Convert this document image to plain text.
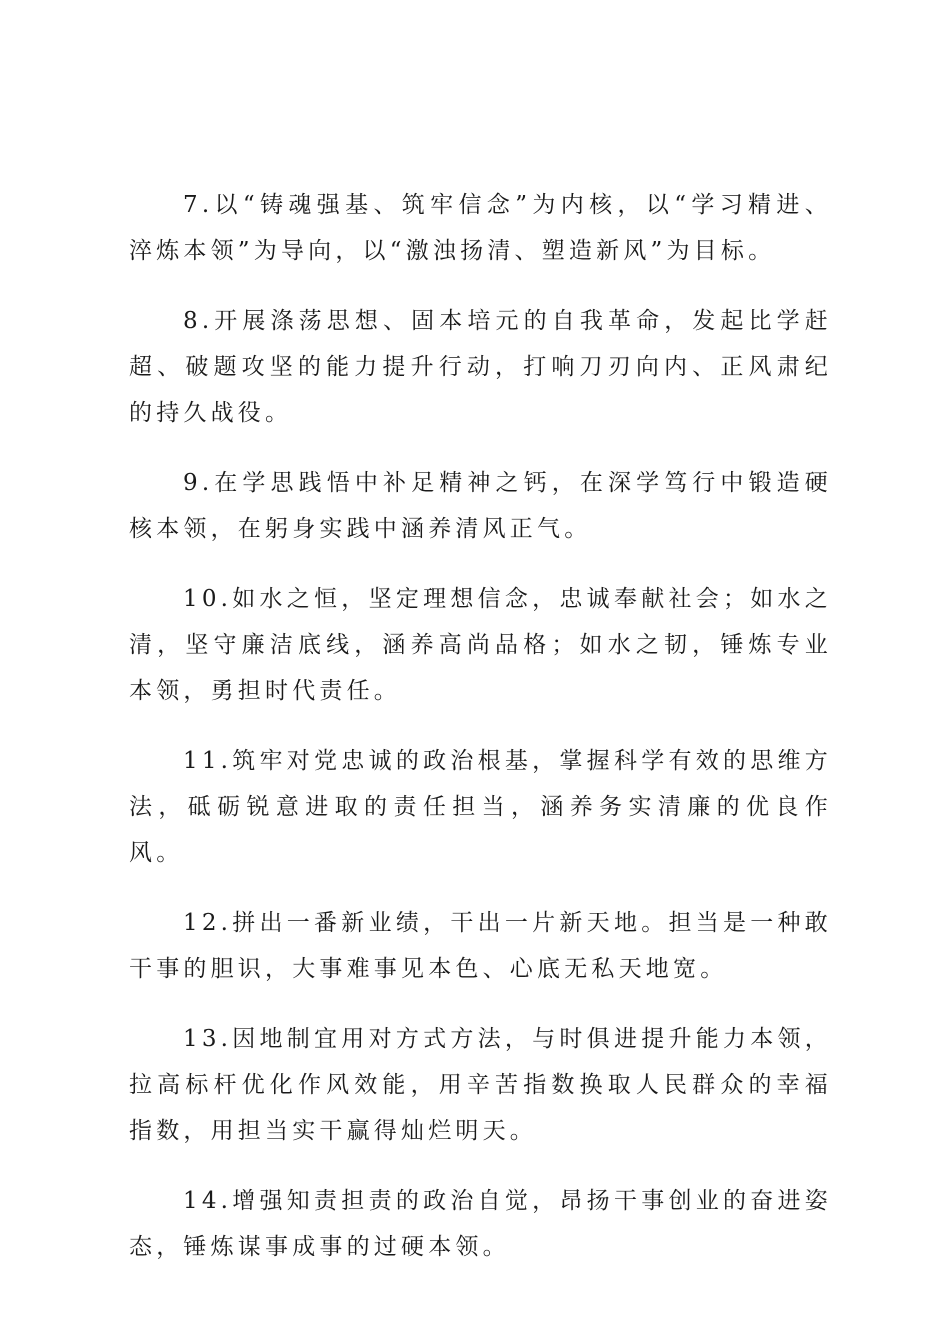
7.以“铸魂强基、筑牢信念”为内核，以“学习精进、淬炼本领”为导向，以“激浊扬清、塑造新风”为目标。

8.开展涤荡思想、固本培元的自我革命，发起比学赶超、破题攻坚的能力提升行动，打响刀刃向内、正风肃纪的持久战役。

9.在学思践悟中补足精神之钙，在深学笃行中锻造硬核本领，在躬身实践中涵养清风正气。

10.如水之恒，坚定理想信念，忠诚奉献社会；如水之清，坚守廉洁底线，涵养高尚品格；如水之韧，锤炼专业本领，勇担时代责任。

11.筑牢对党忠诚的政治根基，掌握科学有效的思维方法，砥砺锐意进取的责任担当，涵养务实清廉的优良作风。

12.拼出一番新业绩，干出一片新天地。担当是一种敢干事的胆识，大事难事见本色、心底无私天地宽。

13.因地制宜用对方式方法，与时俱进提升能力本领，拉高标杆优化作风效能，用辛苦指数换取人民群众的幸福指数，用担当实干赢得灿烂明天。

14.增强知责担责的政治自觉，昂扬干事创业的奋进姿态，锤炼谋事成事的过硬本领。
